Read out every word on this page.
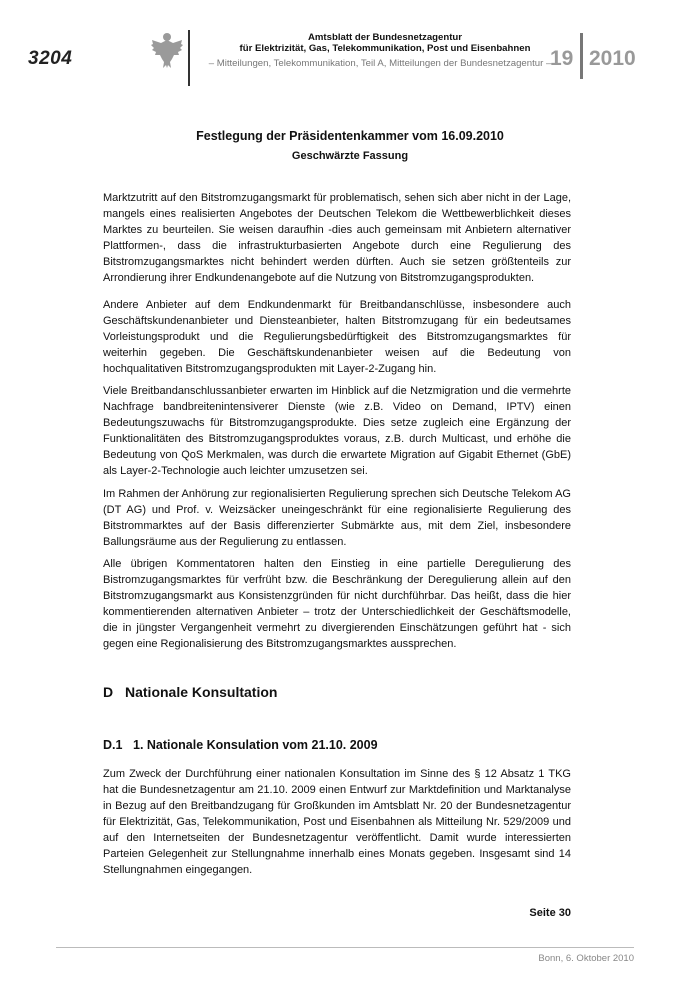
3204
Amtsblatt der Bundesnetzagentur
für Elektrizität, Gas, Telekommunikation, Post und Eisenbahnen
– Mitteilungen, Telekommunikation, Teil A, Mitteilungen der Bundesnetzagentur –
19 2010
Festlegung der Präsidentenkammer vom 16.09.2010
Geschwärzte Fassung

Marktzutritt auf den Bitstromzugangsmarkt für problematisch, sehen sich aber nicht in der Lage, mangels eines realisierten Angebotes der Deutschen Telekom die Wettbewerblichkeit dieses Marktes zu beurteilen. Sie weisen daraufhin -dies auch gemeinsam mit Anbietern alternativer Plattformen-, dass die infrastrukturbasierten Angebote durch eine Regulierung des Bitstromzugangsmarktes nicht behindert werden dürften. Auch sie setzen größtenteils zur Arrondierung ihrer Endkundenangebote auf die Nutzung von Bitstromzugangsprodukten.

Andere Anbieter auf dem Endkundenmarkt für Breitbandanschlüsse, insbesondere auch Geschäftskundenanbieter und Diensteanbieter, halten Bitstromzugang für ein bedeutsames Vorleistungsprodukt und die Regulierungsbedürftigkeit des Bitstromzugangsmarktes für weiterhin gegeben. Die Geschäftskundenanbieter weisen auf die Bedeutung von hochqualitativen Bitstromzugangsprodukten mit Layer-2-Zugang hin.

Viele Breitbandanschlussanbieter erwarten im Hinblick auf die Netzmigration und die vermehrte Nachfrage bandbreitenintensiverer Dienste (wie z.B. Video on Demand, IPTV) einen Bedeutungszuwachs für Bitstromzugangsprodukte. Dies setze zugleich eine Ergänzung der Funktionalitäten des Bitstromzugangsproduktes voraus, z.B. durch Multicast, und erhöhe die Bedeutung von QoS Merkmalen, was durch die erwartete Migration auf Gigabit Ethernet (GbE) als Layer-2-Technologie auch leichter umzusetzen sei.

Im Rahmen der Anhörung zur regionalisierten Regulierung sprechen sich Deutsche Telekom AG (DT AG) und Prof. v. Weizsäcker uneingeschränkt für eine regionalisierte Regulierung des Bitstrommarktes auf der Basis differenzierter Submärkte aus, mit dem Ziel, insbesondere Ballungsräume aus der Regulierung zu entlassen.

Alle übrigen Kommentatoren halten den Einstieg in eine partielle Deregulierung des Bistromzugangsmarktes für verfrüht bzw. die Beschränkung der Deregulierung allein auf den Bitstromzugangsmarkt aus Konsistenzgründen für nicht durchführbar. Das heißt, dass die hier kommentierenden alternativen Anbieter – trotz der Unterschiedlichkeit der Geschäftsmodelle, die in jüngster Vergangenheit vermehrt zu divergierenden Einschätzungen geführt hat - sich gegen eine Regionalisierung des Bitstromzugangsmarktes aussprechen.

D Nationale Konsultation
D.1 1. Nationale Konsulation vom 21.10. 2009

Zum Zweck der Durchführung einer nationalen Konsultation im Sinne des § 12 Absatz 1 TKG hat die Bundesnetzagentur am 21.10. 2009 einen Entwurf zur Marktdefinition und Marktanalyse in Bezug auf den Breitbandzugang für Großkunden im Amtsblatt Nr. 20 der Bundesnetzagentur für Elektrizität, Gas, Telekommunikation, Post und Eisenbahnen als Mitteilung Nr. 529/2009 und auf den Internetseiten der Bundesnetzagentur veröffentlicht. Damit wurde interessierten Parteien Gelegenheit zur Stellungnahme innerhalb eines Monats gegeben. Insgesamt sind 14 Stellungnahmen eingegangen.

Seite 30
Bonn, 6. Oktober 2010
